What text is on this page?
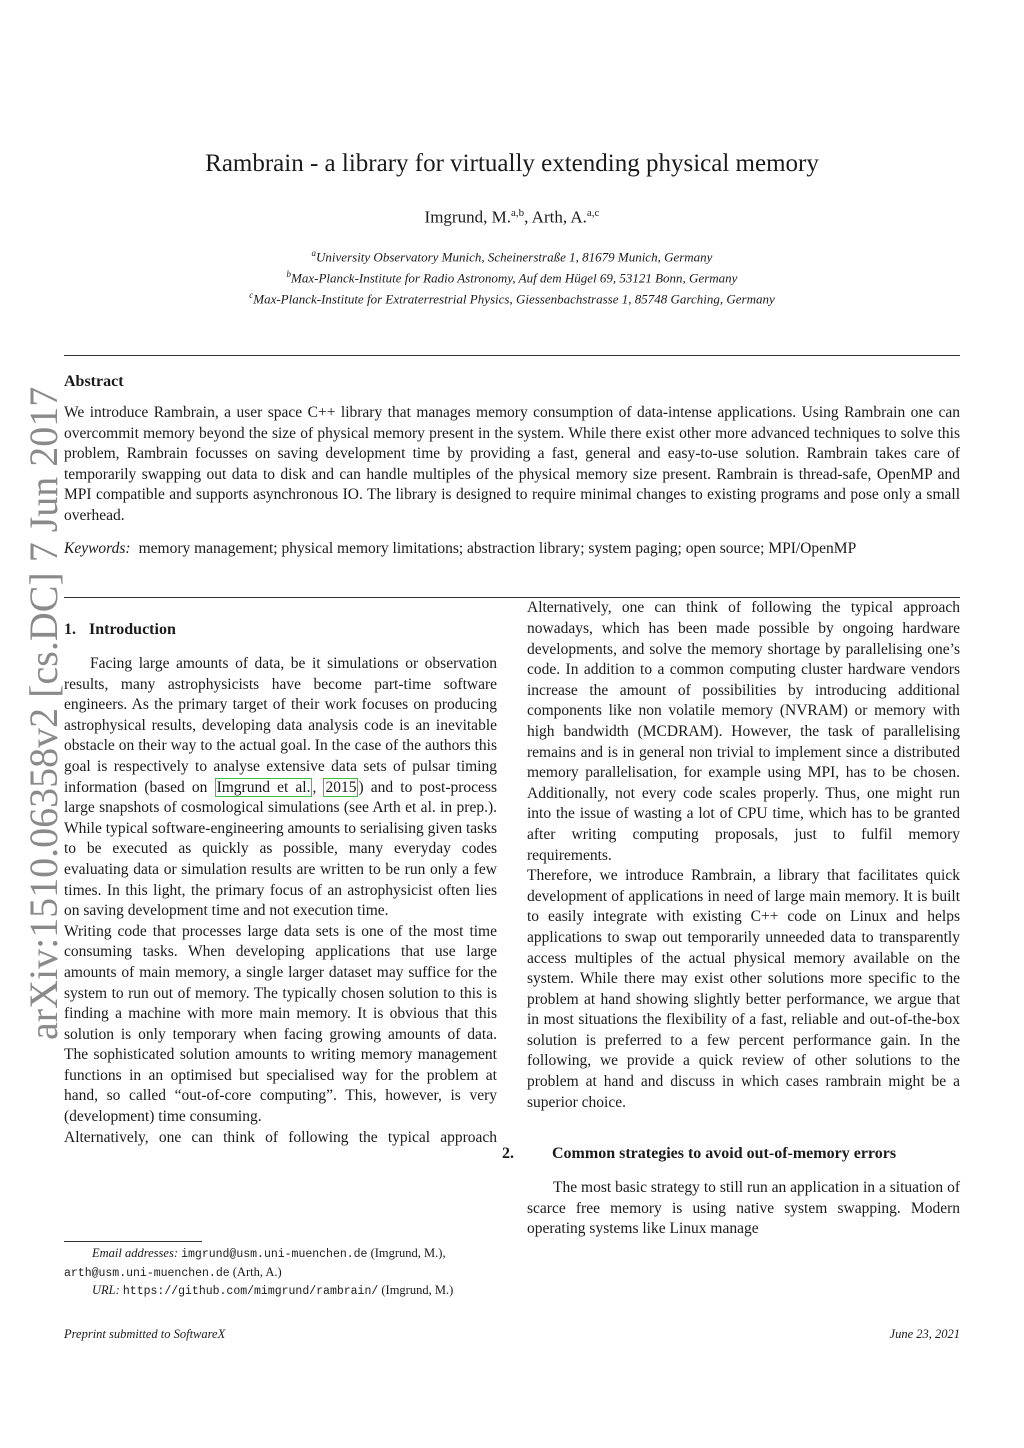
arXiv:1510.06358v2 [cs.DC] 7 Jun 2017
Rambrain - a library for virtually extending physical memory
Imgrund, M.$^{a,b}$, Arth, A.$^{a,c}$
$^a$University Observatory Munich, Scheinerstraße 1, 81679 Munich, Germany
$^b$Max-Planck-Institute for Radio Astronomy, Auf dem Hügel 69, 53121 Bonn, Germany
$^c$Max-Planck-Institute for Extraterrestrial Physics, Giessenbachstrasse 1, 85748 Garching, Germany
Abstract
We introduce Rambrain, a user space C++ library that manages memory consumption of data-intense applications. Using Rambrain one can overcommit memory beyond the size of physical memory present in the system. While there exist other more advanced techniques to solve this problem, Rambrain focusses on saving development time by providing a fast, general and easy-to-use solution. Rambrain takes care of temporarily swapping out data to disk and can handle multiples of the physical memory size present. Rambrain is thread-safe, OpenMP and MPI compatible and supports asynchronous IO. The library is designed to require minimal changes to existing programs and pose only a small overhead.
Keywords: memory management; physical memory limitations; abstraction library; system paging; open source; MPI/OpenMP
1. Introduction

Facing large amounts of data, be it simulations or observation results, many astrophysicists have become part-time software engineers. As the primary target of their work focuses on producing astrophysical results, developing data analysis code is an inevitable obstacle on their way to the actual goal. In the case of the authors this goal is respectively to analyse extensive data sets of pulsar timing information (based on Imgrund et al. , 2015 ) and to post-process large snapshots of cosmological simulations (see Arth et al. in prep.). While typical software-engineering amounts to serialising given tasks to be executed as quickly as possible, many everyday codes evaluating data or simulation results are written to be run only a few times. In this light, the primary focus of an astrophysicist often lies on saving development time and not execution time.

Writing code that processes large data sets is one of the most time consuming tasks. When developing applications that use large amounts of main memory, a single larger dataset may suffice for the system to run out of memory. The typically chosen solution to this is finding a machine with more main memory. It is obvious that this solution is only temporary when facing growing amounts of data. The sophisticated solution amounts to writing memory management functions in an optimised but specialised way for the problem at hand, so called “out-of-core computing”. This, however, is very (development) time consuming.

Alternatively, one can think of following the typical approach

Alternatively, one can think of following the typical approach nowadays, which has been made possible by ongoing hardware developments, and solve the memory shortage by parallelising one’s code. In addition to a common computing cluster hardware vendors increase the amount of possibilities by introducing additional components like non volatile memory (NVRAM) or memory with high bandwidth (MCDRAM). However, the task of parallelising remains and is in general non trivial to implement since a distributed memory parallelisation, for example using MPI, has to be chosen. Additionally, not every code scales properly. Thus, one might run into the issue of wasting a lot of CPU time, which has to be granted after writing computing proposals, just to fulfil memory requirements.

Therefore, we introduce Rambrain, a library that facilitates quick development of applications in need of large main memory. It is built to easily integrate with existing C++ code on Linux and helps applications to swap out temporarily unneeded data to transparently access multiples of the actual physical memory available on the system. While there may exist other solutions more specific to the problem at hand showing slightly better performance, we argue that in most situations the flexibility of a fast, reliable and out-of-the-box solution is preferred to a few percent performance gain. In the following, we provide a quick review of other solutions to the problem at hand and discuss in which cases rambrain might be a superior choice.

2. Common strategies to avoid out-of-memory errors

The most basic strategy to still run an application in a situation of scarce free memory is using native system swapping. Modern operating systems like Linux manage

Email addresses: imgrund@usm.uni-muenchen.de (Imgrund, M.), arth@usm.uni-muenchen.de (Arth, A.)
URL: https://github.com/mimgrund/rambrain/ (Imgrund, M.)
Preprint submitted to SoftwareX	June 23, 2021
